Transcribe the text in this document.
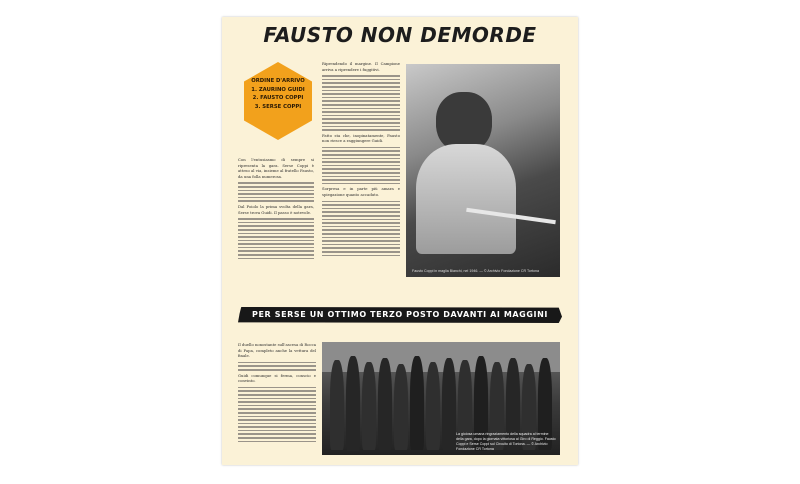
FAUSTO NON DEMORDE
ORDINE D'ARRIVO
1. ZAURINO GUIDI
2. FAUSTO COPPI
3. SERSE COPPI

Con l'entusiasmo di sempre si ripresenta la gara. Serse Coppi è atteso al via, insieme al fratello Fausto, da una folla numerosa.

Dal Poiolo la prima svolta della gara, Serse trova Guidi. Il passo è notevole.

Riprendendo il margine. Il Campione arriva a riprendere i fuggitivi.

Fatto sta che, inopinatamente, Fausto non riesce a raggiungere Guidi.

Sorpresa e in parte più amara e spiegazione quanto accaduto.

Fausto Coppi in maglia Bianchi, nel 1946. — © Archivio Fondazione CR Tortona
PER SERSE UN OTTIMO TERZO POSTO DAVANTI AI MAGGINI

Il duello nonostante sull'ascesa di Rocca di Papa, completo anche la vettura del finale.

Guidi comunque si ferma, conscio e convinto.

La gioiosa umana ringraziamento della squadra al termine della gara, dopo la giornata vittoriosa al Giro di Reggio. Fausto Coppi e Serse Coppi sul Circuito di Tortona. — © Archivio Fondazione CR Tortona
